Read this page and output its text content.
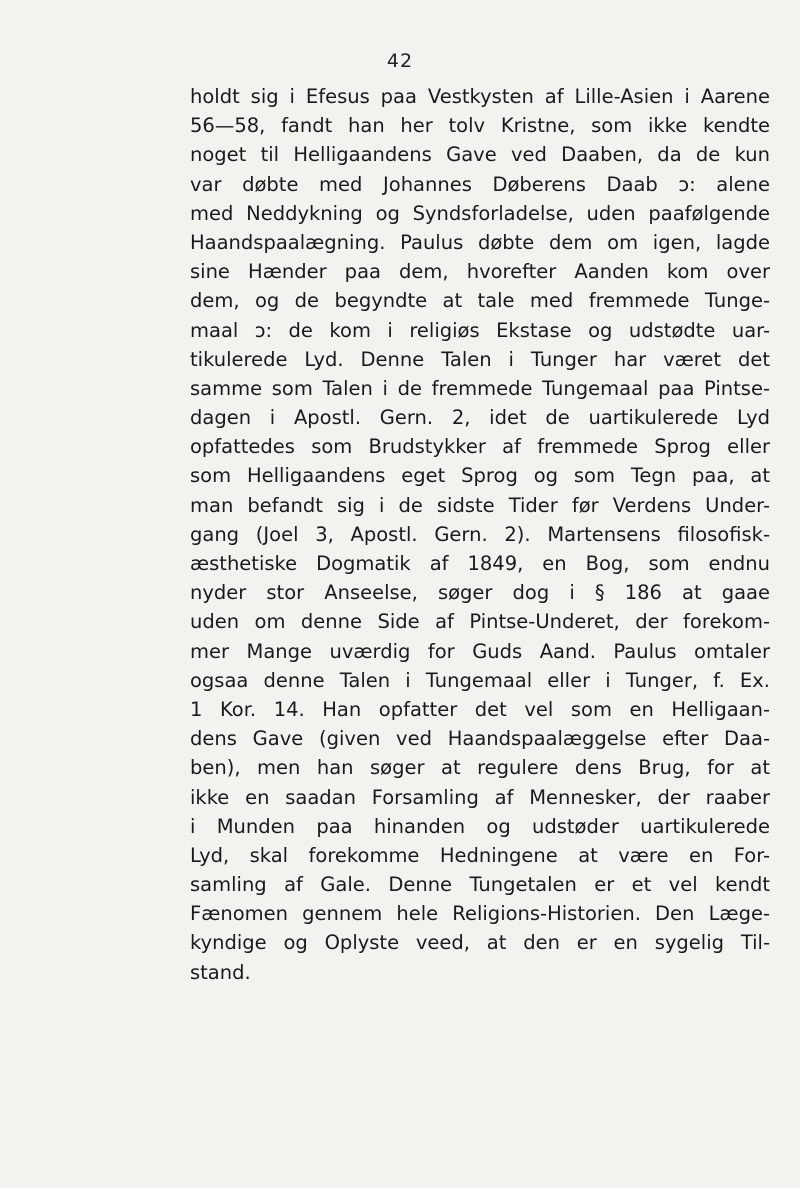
42
holdt sig i Efesus paa Vestkysten af Lille-Asien i Aarene
56—58, fandt han her tolv Kristne, som ikke kendte
noget til Helligaandens Gave ved Daaben, da de kun
var døbte med Johannes Døberens Daab ɔ: alene
med Neddykning og Syndsforladelse, uden paafølgende
Haandspaalægning. Paulus døbte dem om igen, lagde
sine Hænder paa dem, hvorefter Aanden kom over
dem, og de begyndte at tale med fremmede Tunge-
maal ɔ: de kom i religiøs Ekstase og udstødte uar-
tikulerede Lyd. Denne Talen i Tunger har været det
samme som Talen i de fremmede Tungemaal paa Pintse-
dagen i Apostl. Gern. 2, idet de uartikulerede Lyd
opfattedes som Brudstykker af fremmede Sprog eller
som Helligaandens eget Sprog og som Tegn paa, at
man befandt sig i de sidste Tider før Verdens Under-
gang (Joel 3, Apostl. Gern. 2). Martensens filosofisk-
æsthetiske Dogmatik af 1849, en Bog, som endnu
nyder stor Anseelse, søger dog i § 186 at gaae
uden om denne Side af Pintse-Underet, der forekom-
mer Mange uværdig for Guds Aand. Paulus omtaler
ogsaa denne Talen i Tungemaal eller i Tunger, f. Ex.
1 Kor. 14. Han opfatter det vel som en Helligaan-
dens Gave (given ved Haandspaalæggelse efter Daa-
ben), men han søger at regulere dens Brug, for at
ikke en saadan Forsamling af Mennesker, der raaber
i Munden paa hinanden og udstøder uartikulerede
Lyd, skal forekomme Hedningene at være en For-
samling af Gale. Denne Tungetalen er et vel kendt
Fænomen gennem hele Religions-Historien. Den Læge-
kyndige og Oplyste veed, at den er en sygelig Til-
stand.
